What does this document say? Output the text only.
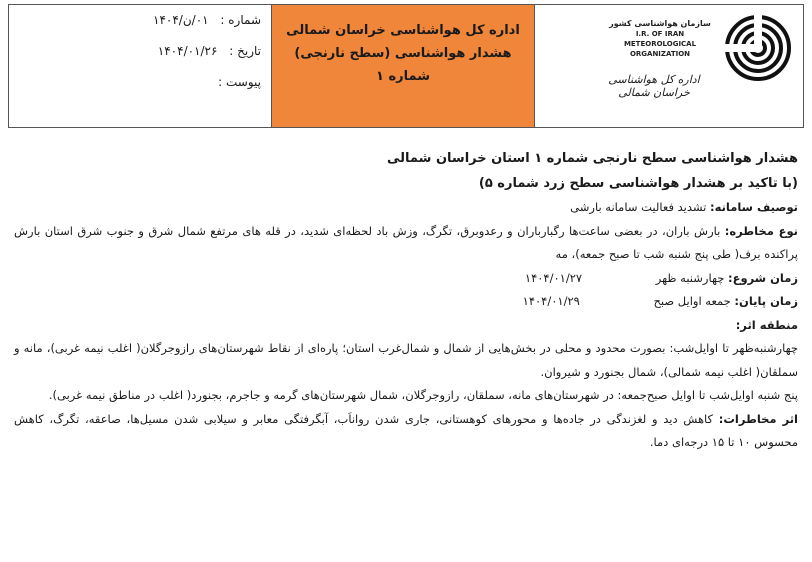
سازمان هواشناسی کشور
I.R. OF IRAN
METEOROLOGICAL
ORGANIZATION
اداره کل هواشناسی خراسان شمالی
اداره کل هواشناسی خراسان شمالی
هشدار هواشناسی (سطح نارنجی)
شماره ۱
شماره : ۰۱/ن/۱۴۰۴
تاریخ : ۱۴۰۴/۰۱/۲۶
پیوست :

هشدار هواشناسی سطح نارنجی شماره ۱ استان خراسان شمالی

(با تاکید بر هشدار هواشناسی سطح زرد شماره ۵)

توصیف سامانه: تشدید فعالیت سامانه بارشی

نوع مخاطره: بارش باران، در بعضی ساعت‌ها رگبارباران و رعدوبرق، تگرگ، وزش باد لحظه‌ای شدید، در قله های مرتفع شمال شرق و جنوب شرق استان بارش پراکنده برف( طی پنج شنبه شب تا صبح جمعه)، مه

زمان شروع: چهارشنبه ظهر ۱۴۰۴/۰۱/۲۷

زمان پایان: جمعه اوایل صبح ۱۴۰۴/۰۱/۲۹

منطقه اثر:

چهارشنبه‌ظهر تا اوایل‌شب: بصورت محدود و محلی در بخش‌هایی از شمال و شمال‌غرب استان؛ پاره‌ای از نقاط شهرستان‌های رازوجرگلان( اغلب نیمه غربی)، مانه و سملقان( اغلب نیمه شمالی)، شمال بجنورد و شیروان.

پنج شنبه اوایل‌شب تا اوایل صبح‌جمعه: در شهرستان‌های مانه، سملقان، رازوجرگلان، شمال شهرستان‌های گرمه و جاجرم، بجنورد( اغلب در مناطق نیمه غربی).

اثر مخاطرات: کاهش دید و لغزندگی در جاده‌ها و محورهای کوهستانی، جاری شدن رواناَب، آبگرفتگی معابر و سیلابی شدن مسیل‌ها، صاعقه، تگرگ، کاهش محسوس ۱۰ تا ۱۵ درجه‌ای دما.
